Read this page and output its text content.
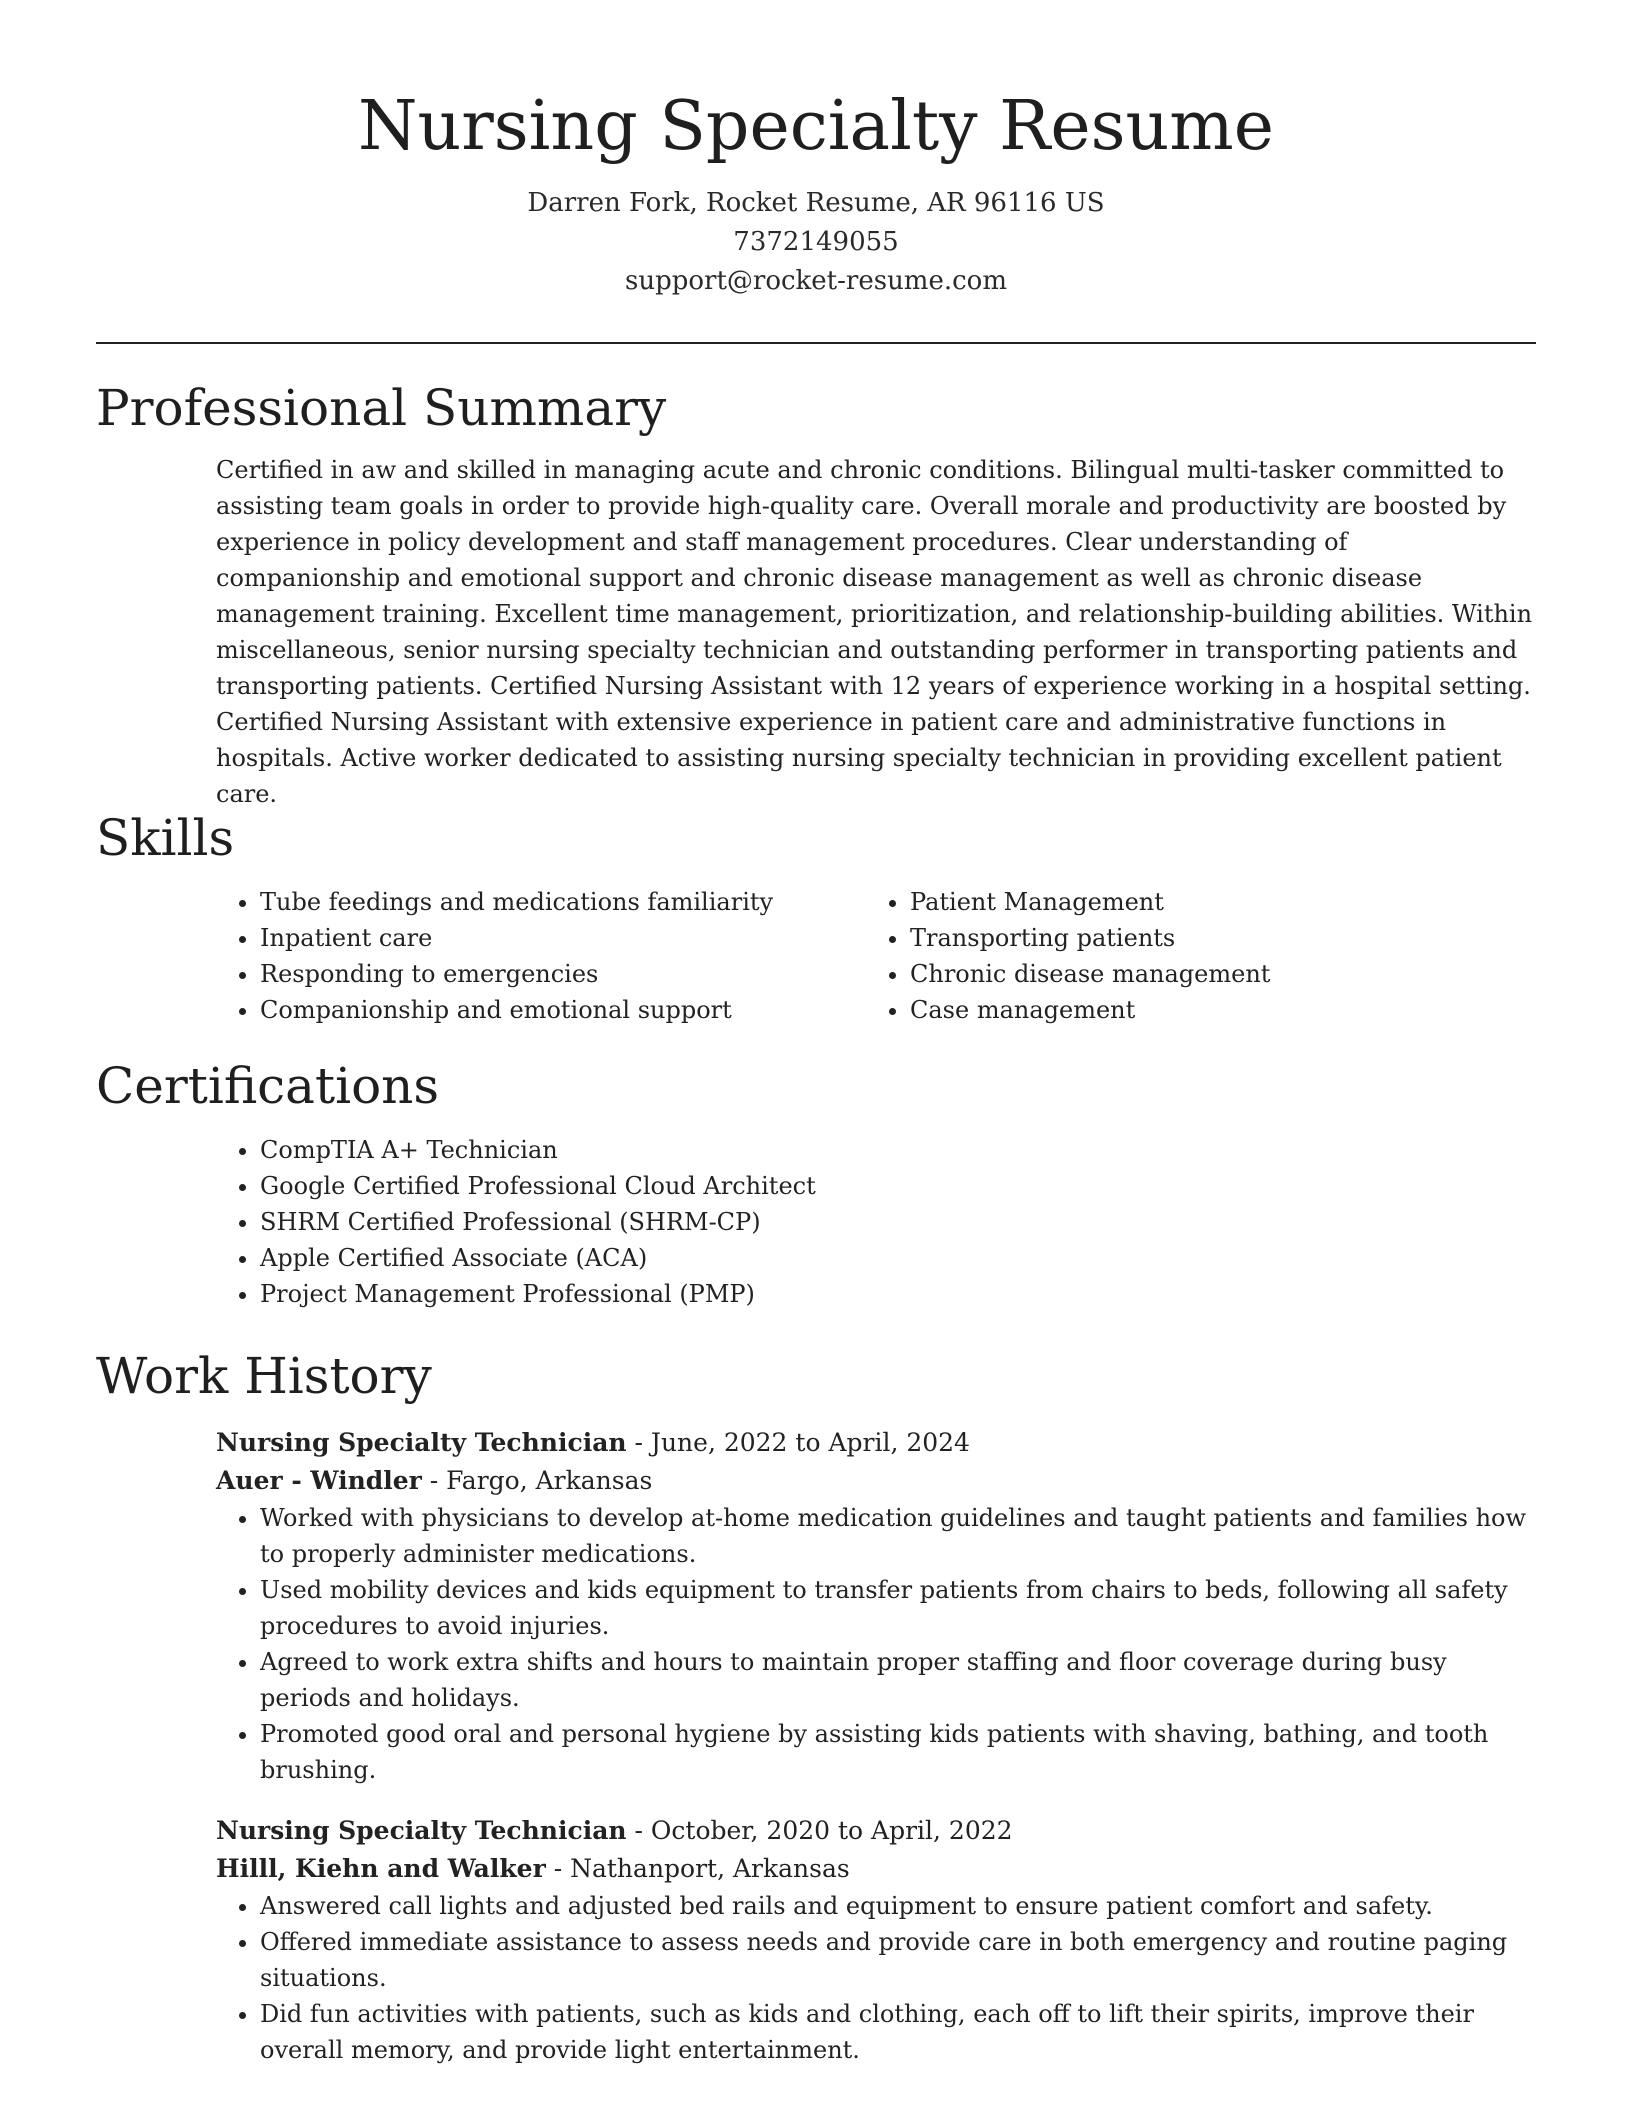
Nursing Specialty Resume
Darren Fork, Rocket Resume, AR 96116 US
7372149055
support@rocket-resume.com
Professional Summary

Certified in aw and skilled in managing acute and chronic conditions. Bilingual multi-tasker committed to assisting team goals in order to provide high-quality care. Overall morale and productivity are boosted by experience in policy development and staff management procedures. Clear understanding of companionship and emotional support and chronic disease management as well as chronic disease management training. Excellent time management, prioritization, and relationship-building abilities. Within miscellaneous, senior nursing specialty technician and outstanding performer in transporting patients and transporting patients. Certified Nursing Assistant with 12 years of experience working in a hospital setting. Certified Nursing Assistant with extensive experience in patient care and administrative functions in hospitals. Active worker dedicated to assisting nursing specialty technician in providing excellent patient care.

Skills
• Tube feedings and medications familiarity
• Inpatient care
• Responding to emergencies
• Companionship and emotional support
• Patient Management
• Transporting patients
• Chronic disease management
• Case management
Certifications
• CompTIA A+ Technician
• Google Certified Professional Cloud Architect
• SHRM Certified Professional (SHRM-CP)
• Apple Certified Associate (ACA)
• Project Management Professional (PMP)
Work History
Nursing Specialty Technician - June, 2022 to April, 2024
Auer - Windler - Fargo, Arkansas
• Worked with physicians to develop at-home medication guidelines and taught patients and families how to properly administer medications.
• Used mobility devices and kids equipment to transfer patients from chairs to beds, following all safety procedures to avoid injuries.
• Agreed to work extra shifts and hours to maintain proper staffing and floor coverage during busy periods and holidays.
• Promoted good oral and personal hygiene by assisting kids patients with shaving, bathing, and tooth brushing.
Nursing Specialty Technician - October, 2020 to April, 2022
Hilll, Kiehn and Walker - Nathanport, Arkansas
• Answered call lights and adjusted bed rails and equipment to ensure patient comfort and safety.
• Offered immediate assistance to assess needs and provide care in both emergency and routine paging situations.
• Did fun activities with patients, such as kids and clothing, each off to lift their spirits, improve their overall memory, and provide light entertainment.
